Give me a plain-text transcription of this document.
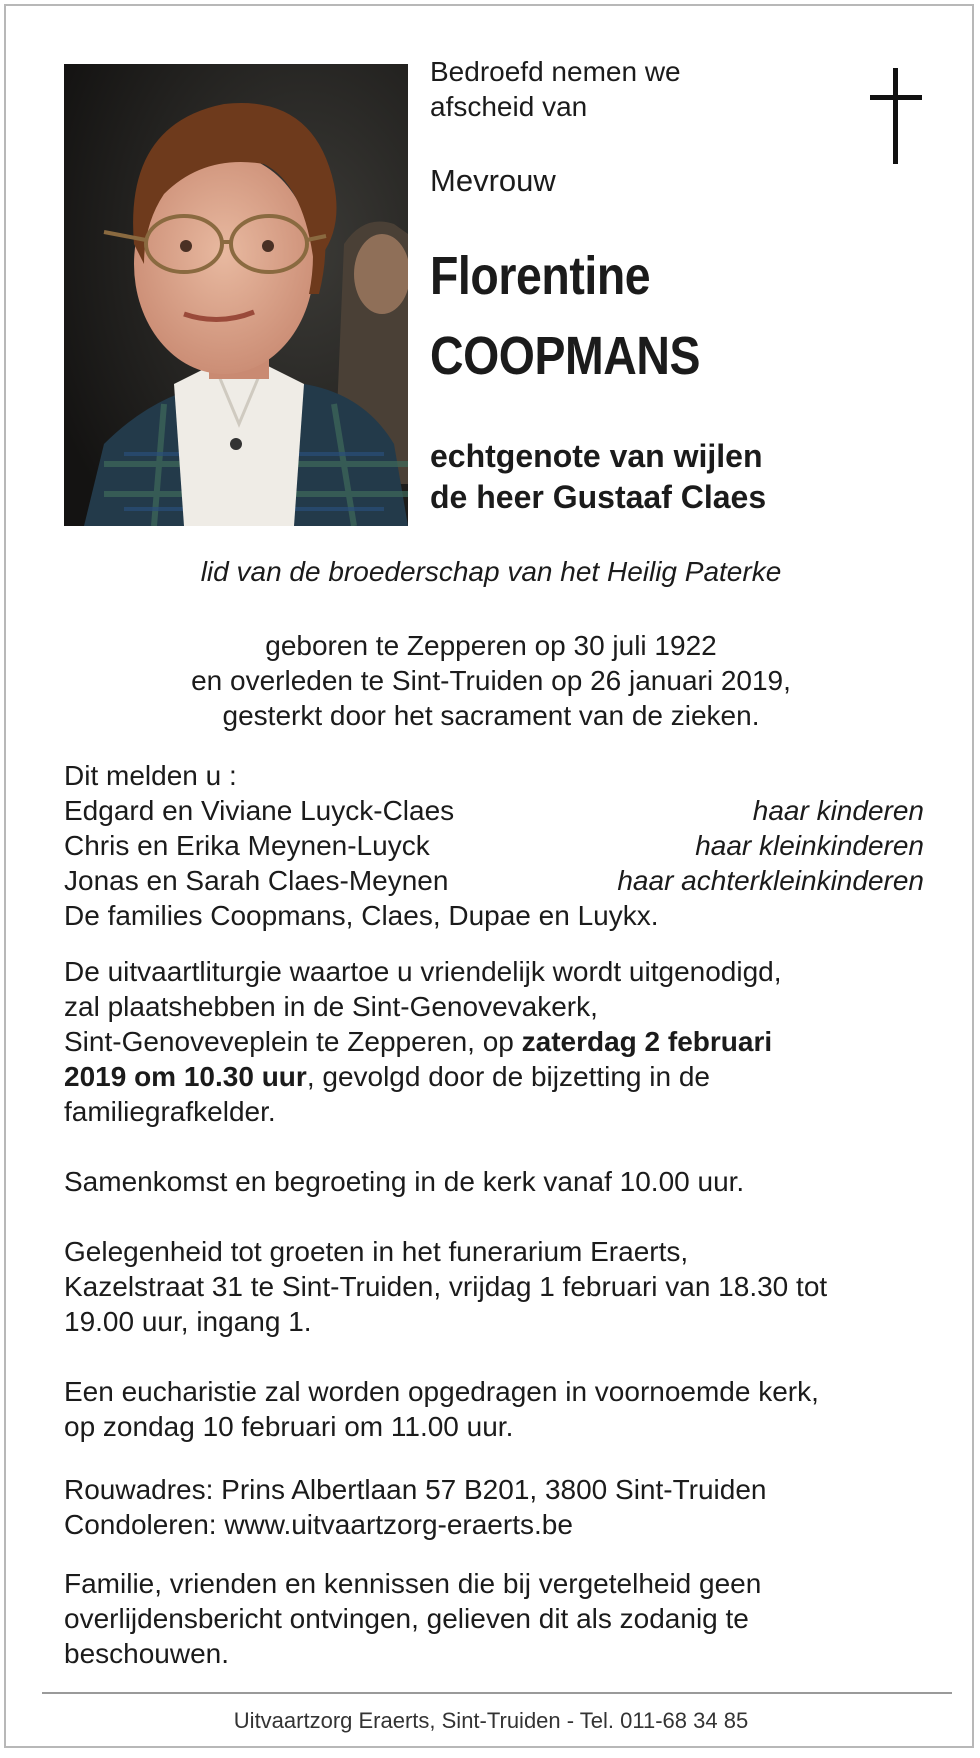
Bedroefd nemen we
afscheid van
Mevrouw
Florentine
COOPMANS
echtgenote van wijlen
de heer Gustaaf Claes
lid van de broederschap van het Heilig Paterke
geboren te Zepperen op 30 juli 1922
en overleden te Sint-Truiden op 26 januari 2019,
gesterkt door het sacrament van de zieken.
Dit melden u :
Edgard en Viviane Luyck-Claes	haar kinderen
Chris en Erika Meynen-Luyck	haar kleinkinderen
Jonas en Sarah Claes-Meynen	haar achterkleinkinderen
De families Coopmans, Claes, Dupae en Luykx.
De uitvaartliturgie waartoe u vriendelijk wordt uitgenodigd,
zal plaatshebben in de Sint-Genovevakerk,
Sint-Genoveveplein te Zepperen, op zaterdag 2 februari
2019 om 10.30 uur, gevolgd door de bijzetting in de
familiegrafkelder.
Samenkomst en begroeting in de kerk vanaf 10.00 uur.
Gelegenheid tot groeten in het funerarium Eraerts,
Kazelstraat 31 te Sint-Truiden, vrijdag 1 februari van 18.30 tot
19.00 uur, ingang 1.
Een eucharistie zal worden opgedragen in voornoemde kerk,
op zondag 10 februari om 11.00 uur.
Rouwadres: Prins Albertlaan 57 B201, 3800 Sint-Truiden
Condoleren: www.uitvaartzorg-eraerts.be
Familie, vrienden en kennissen die bij vergetelheid geen
overlijdensbericht ontvingen, gelieven dit als zodanig te
beschouwen.
Uitvaartzorg Eraerts, Sint-Truiden - Tel. 011-68 34 85
